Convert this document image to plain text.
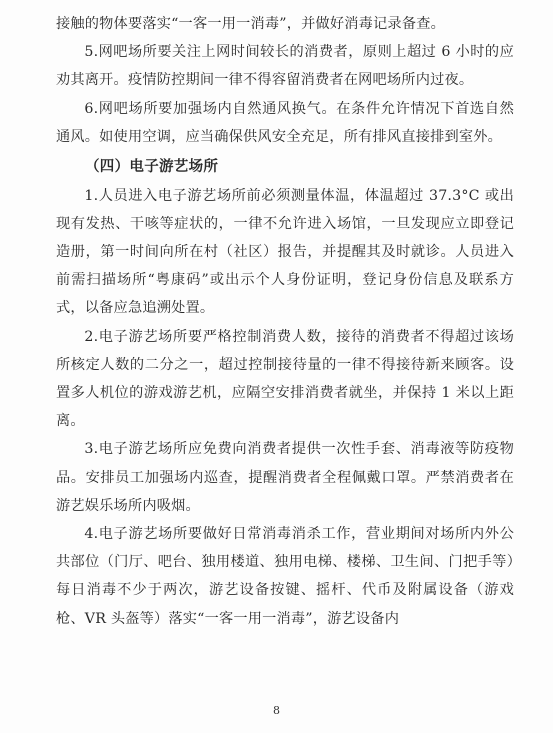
接触的物体要落实“一客一用一消毒”，并做好消毒记录备查。

5.网吧场所要关注上网时间较长的消费者，原则上超过 6 小时的应劝其离开。疫情防控期间一律不得容留消费者在网吧场所内过夜。

6.网吧场所要加强场内自然通风换气。在条件允许情况下首选自然通风。如使用空调，应当确保供风安全充足，所有排风直接排到室外。

（四）电子游艺场所

1.人员进入电子游艺场所前必须测量体温，体温超过 37.3°C 或出现有发热、干咳等症状的，一律不允许进入场馆，一旦发现应立即登记造册，第一时间向所在村（社区）报告，并提醒其及时就诊。人员进入前需扫描场所“粤康码”或出示个人身份证明，登记身份信息及联系方式，以备应急追溯处置。

2.电子游艺场所要严格控制消费人数，接待的消费者不得超过该场所核定人数的二分之一，超过控制接待量的一律不得接待新来顾客。设置多人机位的游戏游艺机，应隔空安排消费者就坐，并保持 1 米以上距离。

3.电子游艺场所应免费向消费者提供一次性手套、消毒液等防疫物品。安排员工加强场内巡查，提醒消费者全程佩戴口罩。严禁消费者在游艺娱乐场所内吸烟。

4.电子游艺场所要做好日常消毒消杀工作，营业期间对场所内外公共部位（门厅、吧台、独用楼道、独用电梯、楼梯、卫生间、门把手等）每日消毒不少于两次，游艺设备按键、摇杆、代币及附属设备（游戏枪、VR 头盔等）落实“一客一用一消毒”，游艺设备内

8
